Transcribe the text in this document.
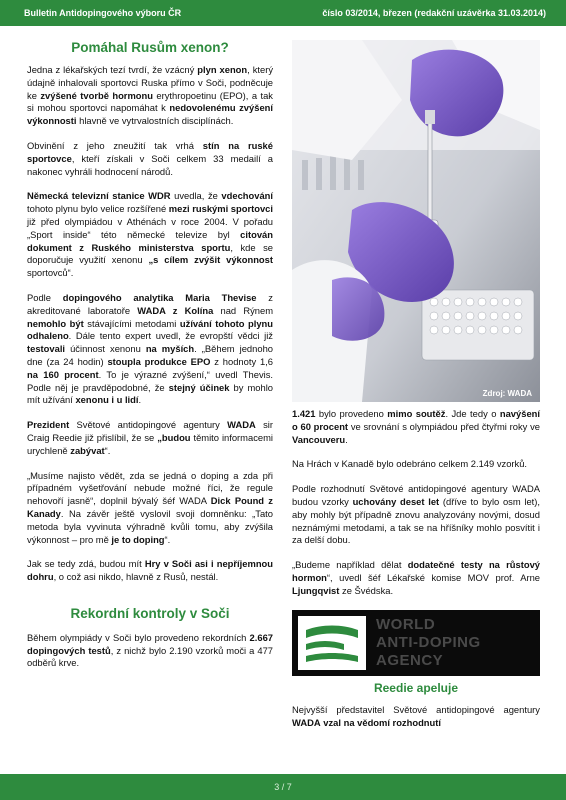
Bulletin Antidopingového výboru ČR	číslo 03/2014, březen (redakční uzávěrka 31.03.2014)
Pomáhal Rusům xenon?

Jedna z lékařských tezí tvrdí, že vzácný plyn xenon, který údajně inhalovali sportovci Ruska přímo v Soči, podněcuje ke zvýšené tvorbě hormonu erythropoetinu (EPO), a tak si mohou sportovci napomáhat k nedovolenému zvýšení výkonnosti hlavně ve vytrvalostních disciplínách.

Obvinění z jeho zneužití tak vrhá stín na ruské sportovce, kteří získali v Soči celkem 33 medailí a nakonec vyhráli hodnocení národů.

Německá televizní stanice WDR uvedla, že vdechování tohoto plynu bylo velice rozšířené mezi ruskými sportovci již před olympiádou v Athénách v roce 2004. V pořadu „Sport inside“ této německé televize byl citován dokument z Ruského ministerstva sportu, kde se doporučuje využití xenonu „s cílem zvýšit výkonnost sportovců“.

Podle dopingového analytika Maria Thevise z akreditované laboratoře WADA z Kolína nad Rýnem nemohlo být stávajícími metodami užívání tohoto plynu odhaleno. Dále tento expert uvedl, že evropští vědci již testovali účinnost xenonu na myších. „Během jednoho dne (za 24 hodin) stoupla produkce EPO z hodnoty 1,6 na 160 procent. To je výrazné zvýšení,“ uvedl Thevis. Podle něj je pravděpodobné, že stejný účinek by mohlo mít užívání xenonu i u lidí.

Prezident Světové antidopingové agentury WADA sir Craig Reedie již přislíbil, že se „budou těmito informacemi urychleně zabývat“.

„Musíme najisto vědět, zda se jedná o doping a zda při případném vyšetřování nebude možné říci, že regule nehovoří jasně“, doplnil bývalý šéf WADA Dick Pound z Kanady. Na závěr ještě vyslovil svoji domněnku: „Tato metoda byla vyvinuta výhradně kvůli tomu, aby zvýšila výkonnost – pro mě je to doping“.

Jak se tedy zdá, budou mít Hry v Soči asi i nepříjemnou dohru, o což asi nikdo, hlavně z Rusů, nestál.

Rekordní kontroly v Soči

Během olympiády v Soči bylo provedeno rekordních 2.667 dopingových testů, z nichž bylo 2.190 vzorků moči a 477 odběrů krve.

Zdroj: WADA

1.421 bylo provedeno mimo soutěž. Jde tedy o navýšení o 60 procent ve srovnání s olympiádou před čtyřmi roky ve Vancouveru.

Na Hrách v Kanadě bylo odebráno celkem 2.149 vzorků.

Podle rozhodnutí Světové antidopingové agentury WADA budou vzorky uchovány deset let (dříve to bylo osm let), aby mohly být případně znovu analyzovány novými, dosud neznámými metodami, a tak se na hříšníky mohlo posvítit i za delší dobu.

„Budeme například dělat dodatečné testy na růstový hormon“, uvedl šéf Lékařské komise MOV prof. Arne Ljungqvist ze Švédska.

WORLD
ANTI-DOPING
AGENCY
Reedie apeluje

Nejvyšší představitel Světové antidopingové agentury WADA vzal na vědomí rozhodnutí

3 / 7
